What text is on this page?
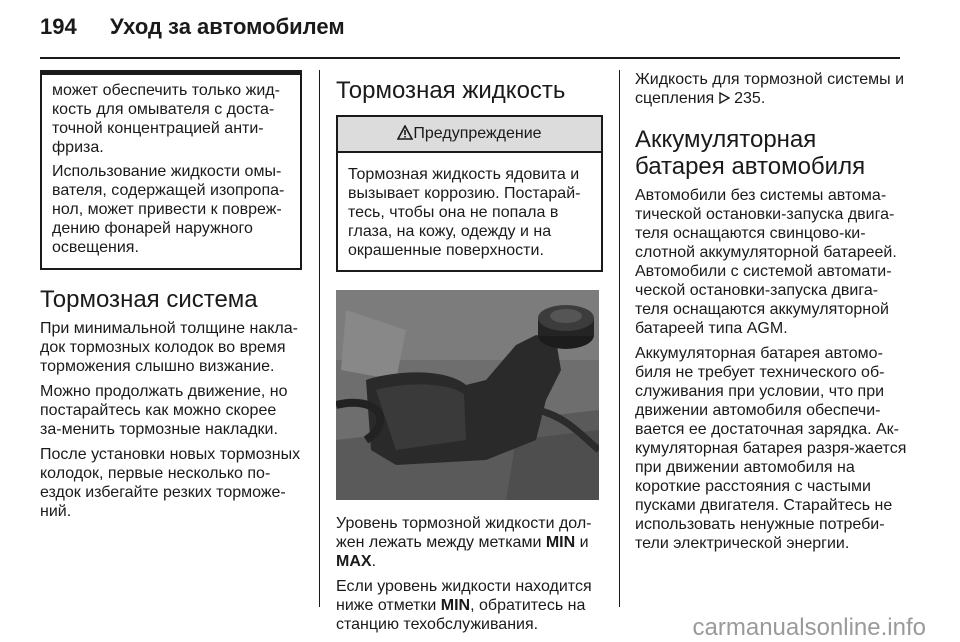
194 Уход за автомобилем

может обеспечить только жид-кость для омывателя с доста-точной концентрацией анти-фриза.

Использование жидкости омы-вателя, содержащей изопропа-нол, может привести к повреж-дению фонарей наружного освещения.

Тормозная система

При минимальной толщине накла-док тормозных колодок во время торможения слышно визжание.

Можно продолжать движение, но постарайтесь как можно скорее за-менить тормозные накладки.

После установки новых тормозных колодок, первые несколько по-ездок избегайте резких торможе-ний.

Тормозная жидкость
Предупреждение

Тормозная жидкость ядовита и вызывает коррозию. Постарай-тесь, чтобы она не попала в глаза, на кожу, одежду и на окрашенные поверхности.

Уровень тормозной жидкости дол-жен лежать между метками MIN и MAX.

Если уровень жидкости находится ниже отметки MIN, обратитесь на станцию техобслуживания.

Жидкость для тормозной системы и сцепления  235.

Аккумуляторная батарея автомобиля

Автомобили без системы автома-тической остановки-запуска двига-теля оснащаются свинцово-ки-слотной аккумуляторной батареей. Автомобили с системой автомати-ческой остановки-запуска двига-теля оснащаются аккумуляторной батареей типа AGM.

Аккумуляторная батарея автомо-биля не требует технического об-служивания при условии, что при движении автомобиля обеспечи-вается ее достаточная зарядка. Ак-кумуляторная батарея разря-жается при движении автомобиля на короткие расстояния с частыми пусками двигателя. Старайтесь не использовать ненужные потреби-тели электрической энергии.

carmanualsonline.info
